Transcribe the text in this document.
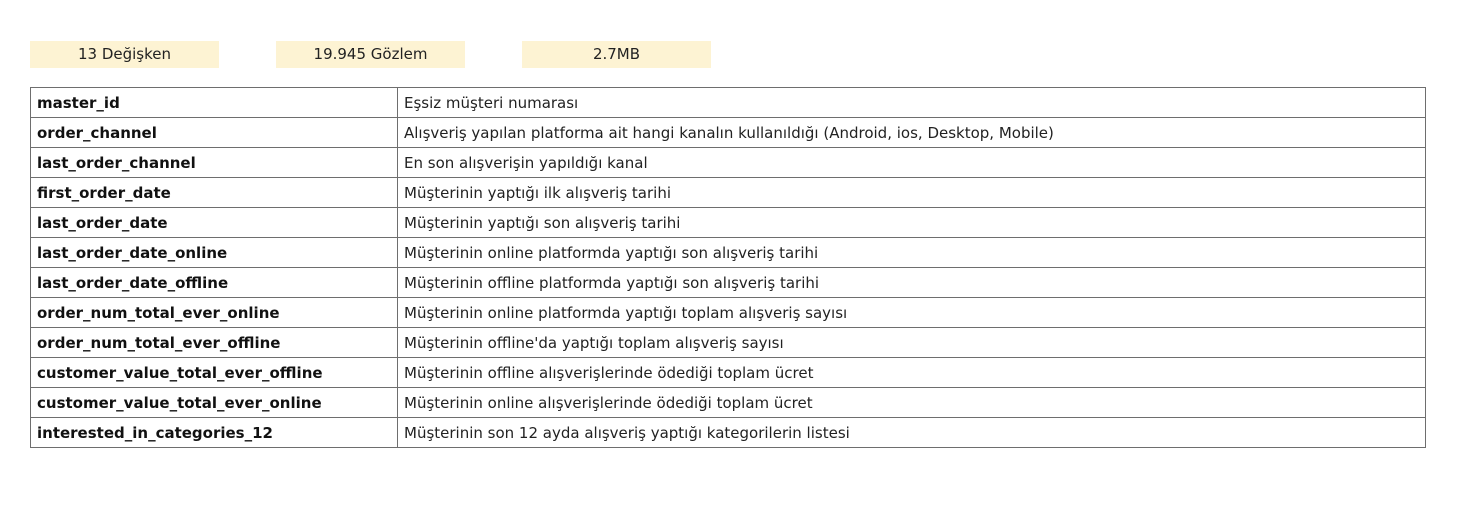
13 Değişken	19.945 Gözlem	2.7MB
master_id	Eşsiz müşteri numarası
order_channel	Alışveriş yapılan platforma ait hangi kanalın kullanıldığı (Android, ios, Desktop, Mobile)
last_order_channel	En son alışverişin yapıldığı kanal
first_order_date	Müşterinin yaptığı ilk alışveriş tarihi
last_order_date	Müşterinin yaptığı son alışveriş tarihi
last_order_date_online	Müşterinin online platformda yaptığı son alışveriş tarihi
last_order_date_offline	Müşterinin offline platformda yaptığı son alışveriş tarihi
order_num_total_ever_online	Müşterinin online platformda yaptığı toplam alışveriş sayısı
order_num_total_ever_offline	Müşterinin offline'da yaptığı toplam alışveriş sayısı
customer_value_total_ever_offline	Müşterinin offline alışverişlerinde ödediği toplam ücret
customer_value_total_ever_online	Müşterinin online alışverişlerinde ödediği toplam ücret
interested_in_categories_12	Müşterinin son 12 ayda alışveriş yaptığı kategorilerin listesi
